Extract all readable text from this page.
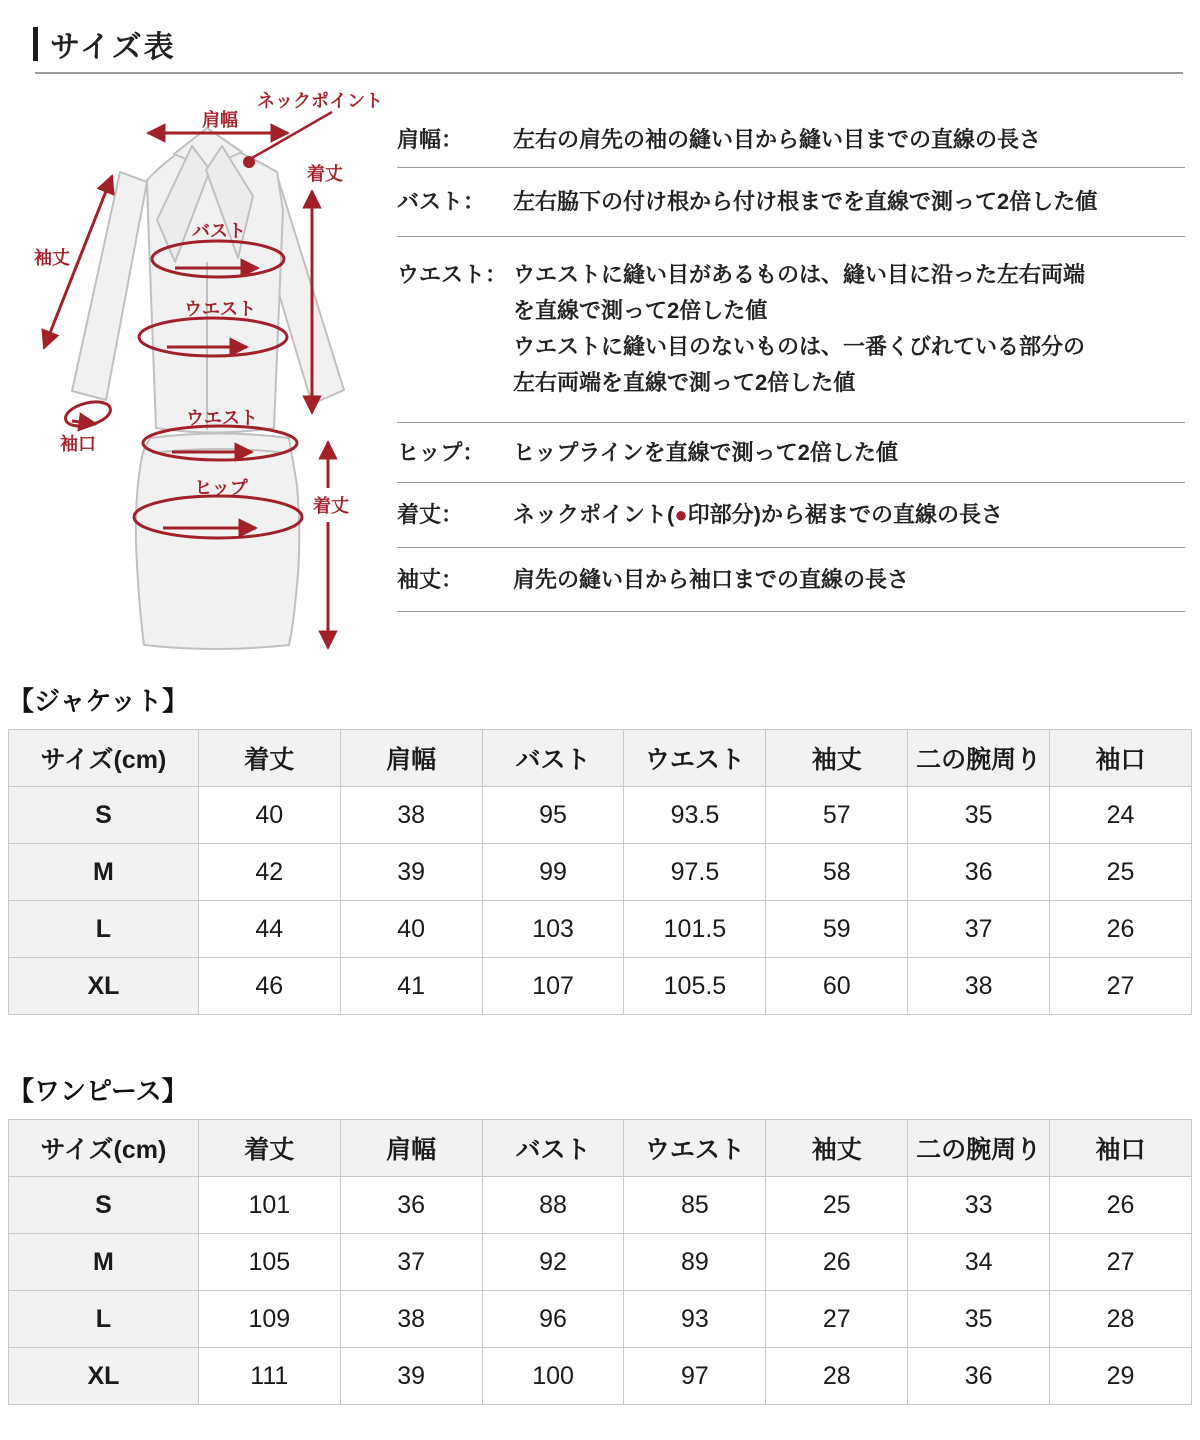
サイズ表
肩幅
ネックポイント
着丈
袖丈
バスト
ウエスト
袖口
ウエスト
ヒップ
着丈
肩幅：	左右の肩先の袖の縫い目から縫い目までの直線の長さ
バスト：	左右脇下の付け根から付け根までを直線で測って2倍した値
ウエスト： ウエストに縫い目があるものは、縫い目に沿った左右両端
を直線で測って2倍した値
ウエストに縫い目のないものは、一番くびれている部分の
左右両端を直線で測って2倍した値
ヒップ：	ヒップラインを直線で測って2倍した値
着丈：	ネックポイント(●印部分)から裾までの直線の長さ
袖丈：	肩先の縫い目から袖口までの直線の長さ
【ジャケット】
サイズ(cm)	着丈	肩幅	バスト	ウエスト	袖丈	二の腕周り	袖口
S	40	38	95	93.5	57	35	24
M	42	39	99	97.5	58	36	25
L	44	40	103	101.5	59	37	26
XL	46	41	107	105.5	60	38	27
【ワンピース】
サイズ(cm)	着丈	肩幅	バスト	ウエスト	袖丈	二の腕周り	袖口
S	101	36	88	85	25	33	26
M	105	37	92	89	26	34	27
L	109	38	96	93	27	35	28
XL	111	39	100	97	28	36	29
